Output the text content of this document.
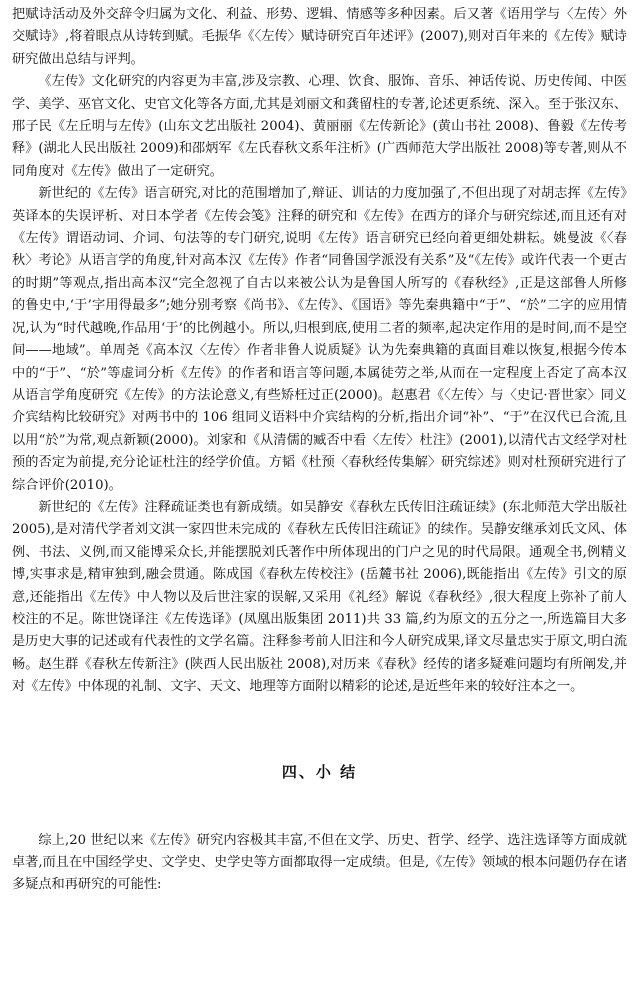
把赋诗活动及外交辞令归属为文化、利益、形势、逻辑、情感等多种因素。后又著《语用学与〈左传〉外交赋诗》,将着眼点从诗转到赋。毛振华《〈左传〉赋诗研究百年述评》(2007),则对百年来的《左传》赋诗研究做出总结与评判。

《左传》文化研究的内容更为丰富,涉及宗教、心理、饮食、服饰、音乐、神话传说、历史传闻、中医学、美学、巫官文化、史官文化等各方面,尤其是刘丽文和龚留柱的专著,论述更系统、深入。至于张汉东、邢子民《左丘明与左传》(山东文艺出版社 2004)、黄丽丽《左传新论》(黄山书社 2008)、鲁毅《左传考释》(湖北人民出版社 2009)和邵炳军《左氏春秋文系年注析》(广西师范大学出版社 2008)等专著,则从不同角度对《左传》做出了一定研究。

新世纪的《左传》语言研究,对比的范围增加了,辩证、训诂的力度加强了,不但出现了对胡志挥《左传》英译本的失误评析、对日本学者《左传会笺》注释的研究和《左传》在西方的译介与研究综述,而且还有对《左传》谓语动词、介词、句法等的专门研究,说明《左传》语言研究已经向着更细处耕耘。姚曼波《〈春秋〉考论》从语言学的角度,针对高本汉《左传》作者“同鲁国学派没有关系”及“《左传》或许代表一个更古的时期”等观点,指出高本汉“完全忽视了自古以来被公认为是鲁国人所写的《春秋经》,正是这部鲁人所修的鲁史中,‘于’字用得最多”;她分别考察《尚书》、《左传》、《国语》等先秦典籍中“于”、“於”二字的应用情况,认为“时代越晚,作品用‘于’的比例越小。所以,归根到底,使用二者的频率,起决定作用的是时间,而不是空间——地域”。单周尧《高本汉〈左传〉作者非鲁人说质疑》认为先秦典籍的真面目难以恢复,根据今传本中的“于”、“於”等虚词分析《左传》的作者和语言等问题,本属徒劳之举,从而在一定程度上否定了高本汉从语言学角度研究《左传》的方法论意义,有些矫枉过正(2000)。赵惠君《〈左传〉与〈史记·晋世家〉同义介宾结构比较研究》对两书中的 106 组同义语料中介宾结构的分析,指出介词“补”、“于”在汉代已合流,且以用“於”为常,观点新颖(2000)。刘家和《从清儒的臧否中看〈左传〉杜注》(2001),以清代古文经学对杜预的否定为前提,充分论证杜注的经学价值。方韬《杜预〈春秋经传集解〉研究综述》则对杜预研究进行了综合评价(2010)。

新世纪的《左传》注释疏证类也有新成绩。如吴静安《春秋左氏传旧注疏证续》(东北师范大学出版社 2005),是对清代学者刘文淇一家四世未完成的《春秋左氏传旧注疏证》的续作。吴静安继承刘氏文风、体例、书法、义例,而又能博采众长,并能摆脱刘氏著作中所体现出的门户之见的时代局限。通观全书,例精义博,实事求是,精审独到,融会贯通。陈成国《春秋左传校注》(岳麓书社 2006),既能指出《左传》引文的原意,还能指出《左传》中人物以及后世注家的误解,又采用《礼经》解说《春秋经》,很大程度上弥补了前人校注的不足。陈世饶译注《左传选译》(凤凰出版集团 2011)共 33 篇,约为原文的五分之一,所选篇目大多是历史大事的记述或有代表性的文学名篇。注释参考前人旧注和今人研究成果,译文尽量忠实于原文,明白流畅。赵生群《春秋左传新注》(陕西人民出版社 2008),对历来《春秋》经传的诸多疑难问题均有所阐发,并对《左传》中体现的礼制、文字、天文、地理等方面附以精彩的论述,是近些年来的较好注本之一。

四、小 结

综上,20 世纪以来《左传》研究内容极其丰富,不但在文学、历史、哲学、经学、选注选译等方面成就卓著,而且在中国经学史、文学史、史学史等方面都取得一定成绩。但是,《左传》领域的根本问题仍存在诸多疑点和再研究的可能性:
